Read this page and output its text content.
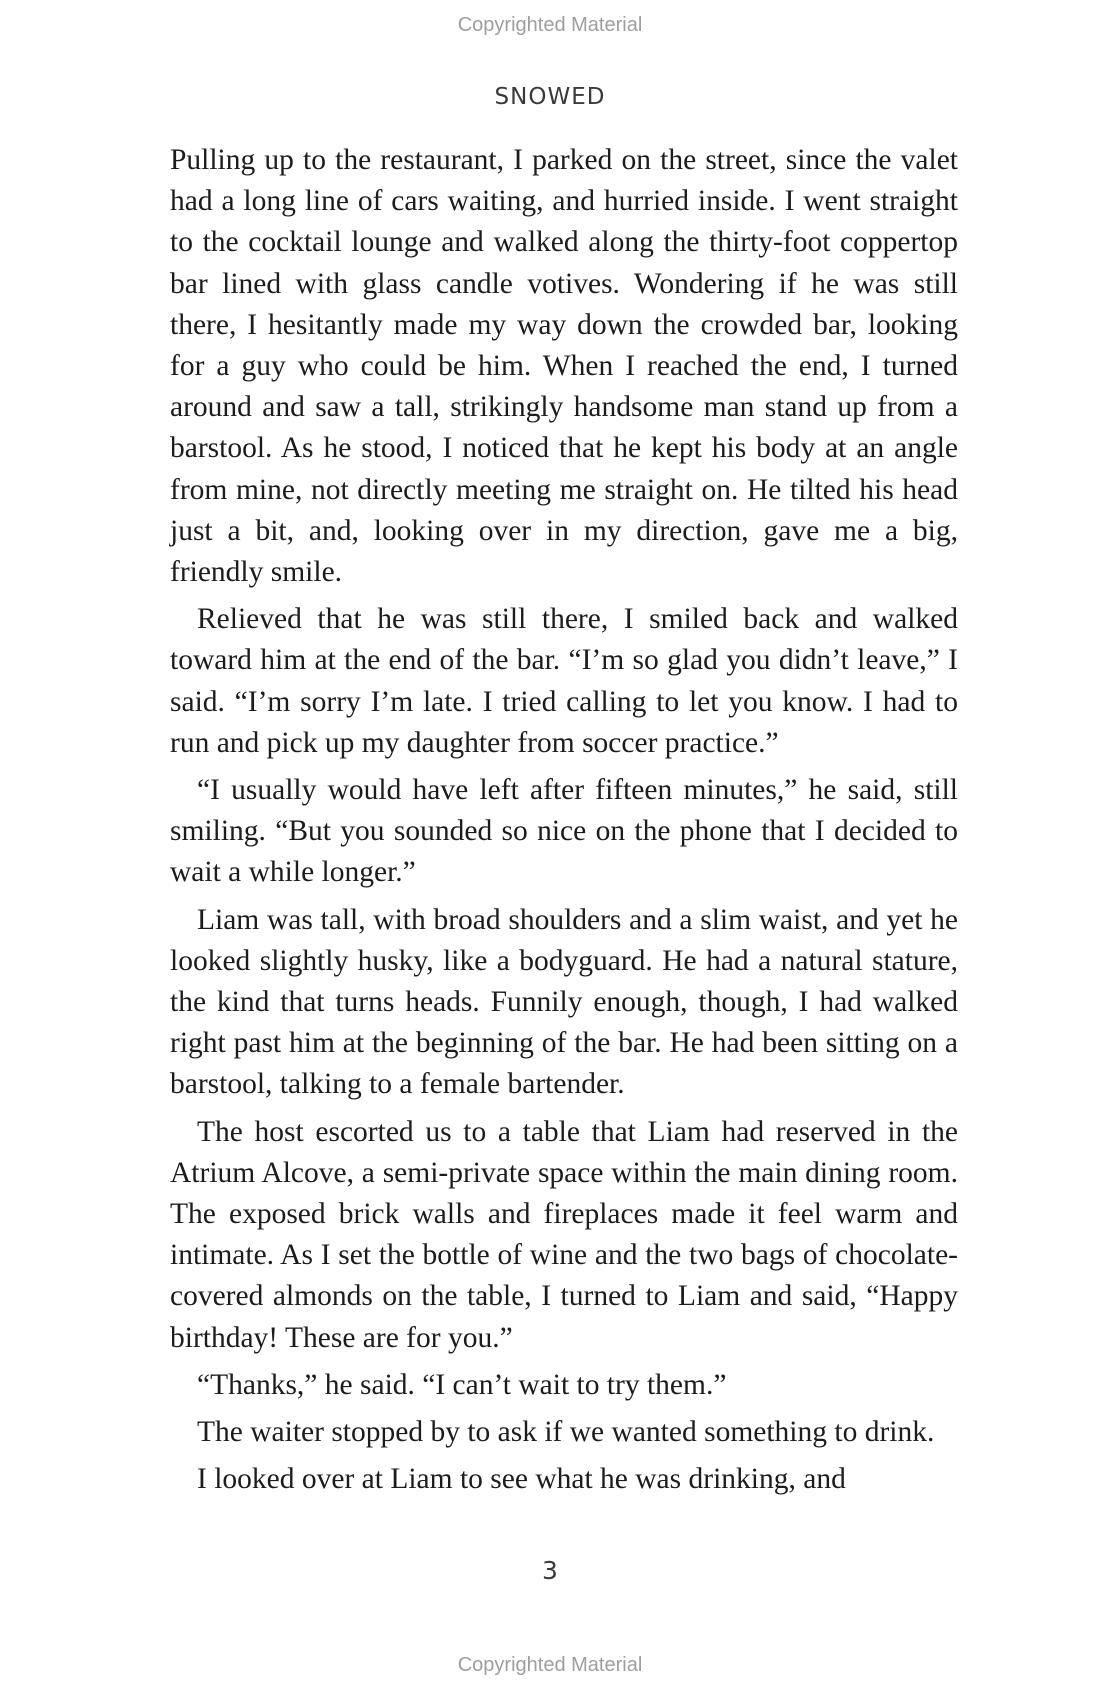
Copyrighted Material
SNOWED

Pulling up to the restaurant, I parked on the street, since the valet had a long line of cars waiting, and hurried inside. I went straight to the cocktail lounge and walked along the thirty-foot coppertop bar lined with glass candle votives. Wondering if he was still there, I hesitantly made my way down the crowded bar, looking for a guy who could be him. When I reached the end, I turned around and saw a tall, strikingly handsome man stand up from a barstool. As he stood, I noticed that he kept his body at an angle from mine, not directly meeting me straight on. He tilted his head just a bit, and, looking over in my direction, gave me a big, friendly smile.

Relieved that he was still there, I smiled back and walked toward him at the end of the bar. “I’m so glad you didn’t leave,” I said. “I’m sorry I’m late. I tried calling to let you know. I had to run and pick up my daughter from soccer practice.”

“I usually would have left after fifteen minutes,” he said, still smiling. “But you sounded so nice on the phone that I decided to wait a while longer.”

Liam was tall, with broad shoulders and a slim waist, and yet he looked slightly husky, like a bodyguard. He had a natural stature, the kind that turns heads. Funnily enough, though, I had walked right past him at the beginning of the bar. He had been sitting on a barstool, talking to a female bartender.

The host escorted us to a table that Liam had reserved in the Atrium Alcove, a semi-private space within the main dining room. The exposed brick walls and fireplaces made it feel warm and intimate. As I set the bottle of wine and the two bags of chocolate-covered almonds on the table, I turned to Liam and said, “Happy birthday! These are for you.”

“Thanks,” he said. “I can’t wait to try them.”

The waiter stopped by to ask if we wanted something to drink.

I looked over at Liam to see what he was drinking, and

3
Copyrighted Material
